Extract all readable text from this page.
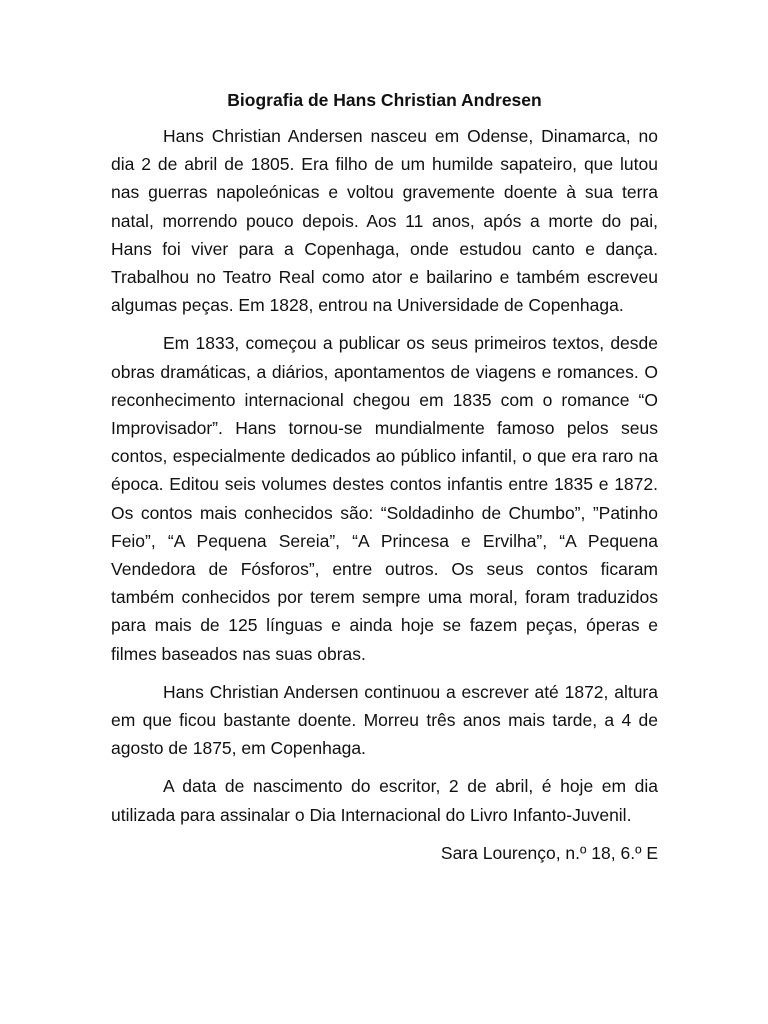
Biografia de Hans Christian Andresen

Hans Christian Andersen nasceu em Odense, Dinamarca, no dia 2 de abril de 1805. Era filho de um humilde sapateiro, que lutou nas guerras napoleónicas e voltou gravemente doente à sua terra natal, morrendo pouco depois. Aos 11 anos, após a morte do pai, Hans foi viver para a Copenhaga, onde estudou canto e dança. Trabalhou no Teatro Real como ator e bailarino e também escreveu algumas peças. Em 1828, entrou na Universidade de Copenhaga.

Em 1833, começou a publicar os seus primeiros textos, desde obras dramáticas, a diários, apontamentos de viagens e romances. O reconhecimento internacional chegou em 1835 com o romance “O Improvisador”. Hans tornou-se mundialmente famoso pelos seus contos, especialmente dedicados ao público infantil, o que era raro na época. Editou seis volumes destes contos infantis entre 1835 e 1872. Os contos mais conhecidos são: “Soldadinho de Chumbo”, ”Patinho Feio”, “A Pequena Sereia”, “A Princesa e Ervilha”, “A Pequena Vendedora de Fósforos”, entre outros. Os seus contos ficaram também conhecidos por terem sempre uma moral, foram traduzidos para mais de 125 línguas e ainda hoje se fazem peças, óperas e filmes baseados nas suas obras.

Hans Christian Andersen continuou a escrever até 1872, altura em que ficou bastante doente. Morreu três anos mais tarde, a 4 de agosto de 1875, em Copenhaga.

A data de nascimento do escritor, 2 de abril, é hoje em dia utilizada para assinalar o Dia Internacional do Livro Infanto-Juvenil.

Sara Lourenço, n.º 18, 6.º E
